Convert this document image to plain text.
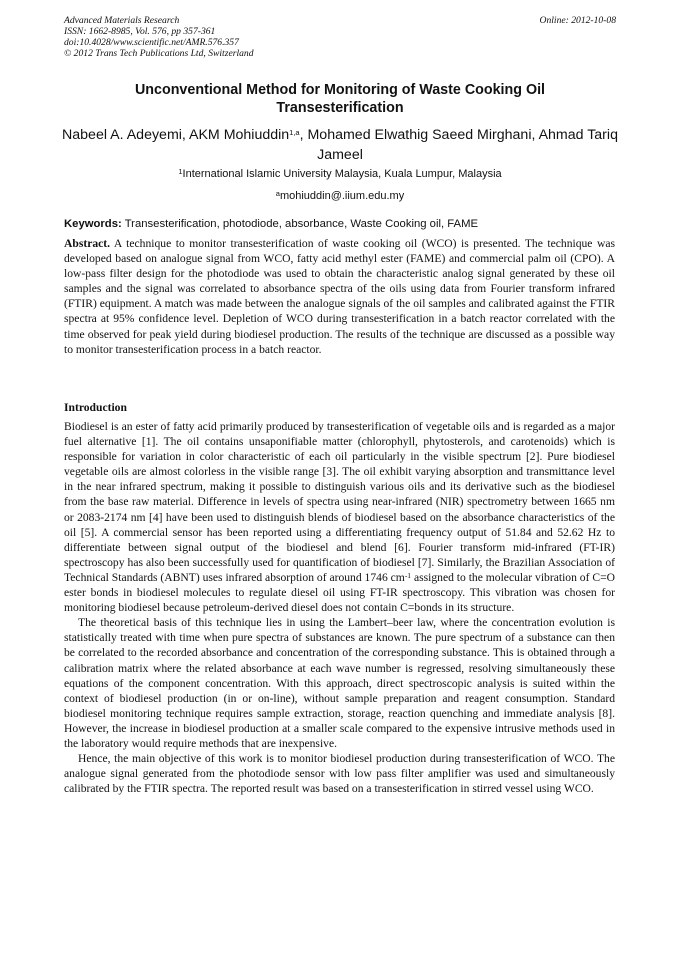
Advanced Materials Research
ISSN: 1662-8985, Vol. 576, pp 357-361
doi:10.4028/www.scientific.net/AMR.576.357
© 2012 Trans Tech Publications Ltd, Switzerland
Online: 2012-10-08
Unconventional Method for Monitoring of Waste Cooking Oil Transesterification
Nabeel A. Adeyemi, AKM Mohiuddin$^{1,a}$, Mohamed Elwathig Saeed Mirghani, Ahmad Tariq Jameel
$^1$International Islamic University Malaysia, Kuala Lumpur, Malaysia
$^a$mohiuddin@.iium.edu.my
Keywords: Transesterification, photodiode, absorbance, Waste Cooking oil, FAME
Abstract. A technique to monitor transesterification of waste cooking oil (WCO) is presented. The technique was developed based on analogue signal from WCO, fatty acid methyl ester (FAME) and commercial palm oil (CPO). A low-pass filter design for the photodiode was used to obtain the characteristic analog signal generated by these oil samples and the signal was correlated to absorbance spectra of the oils using data from Fourier transform infrared (FTIR) equipment. A match was made between the analogue signals of the oil samples and calibrated against the FTIR spectra at 95% confidence level. Depletion of WCO during transesterification in a batch reactor correlated with the time observed for peak yield during biodiesel production. The results of the technique are discussed as a possible way to monitor transesterification process in a batch reactor.
Introduction

Biodiesel is an ester of fatty acid primarily produced by transesterification of vegetable oils and is regarded as a major fuel alternative [1]. The oil contains unsaponifiable matter (chlorophyll, phytosterols, and carotenoids) which is responsible for variation in color characteristic of each oil particularly in the visible spectrum [2]. Pure biodiesel vegetable oils are almost colorless in the visible range [3]. The oil exhibit varying absorption and transmittance level in the near infrared spectrum, making it possible to distinguish various oils and its derivative such as the biodiesel from the base raw material. Difference in levels of spectra using near-infrared (NIR) spectrometry between 1665 nm or 2083-2174 nm [4] have been used to distinguish blends of biodiesel based on the absorbance characteristics of the oil [5]. A commercial sensor has been reported using a differentiating frequency output of 51.84 and 52.62 Hz to differentiate between signal output of the biodiesel and blend [6]. Fourier transform mid-infrared (FT-IR) spectroscopy has also been successfully used for quantification of biodiesel [7]. Similarly, the Brazilian Association of Technical Standards (ABNT) uses infrared absorption of around 1746 $cm^{-1}$ assigned to the molecular vibration of C=O ester bonds in biodiesel molecules to regulate diesel oil using FT-IR spectroscopy. This vibration was chosen for monitoring biodiesel because petroleum-derived diesel does not contain C=bonds in its structure.

The theoretical basis of this technique lies in using the Lambert–beer law, where the concentration evolution is statistically treated with time when pure spectra of substances are known. The pure spectrum of a substance can then be correlated to the recorded absorbance and concentration of the corresponding substance. This is obtained through a calibration matrix where the related absorbance at each wave number is regressed, resolving simultaneously these equations of the component concentration. With this approach, direct spectroscopic analysis is suited within the context of biodiesel production (in or on-line), without sample preparation and reagent consumption. Standard biodiesel monitoring technique requires sample extraction, storage, reaction quenching and immediate analysis [8]. However, the increase in biodiesel production at a smaller scale compared to the expensive intrusive methods used in the laboratory would require methods that are inexpensive.

Hence, the main objective of this work is to monitor biodiesel production during transesterification of WCO. The analogue signal generated from the photodiode sensor with low pass filter amplifier was used and simultaneously calibrated by the FTIR spectra. The reported result was based on a transesterification in stirred vessel using WCO.
